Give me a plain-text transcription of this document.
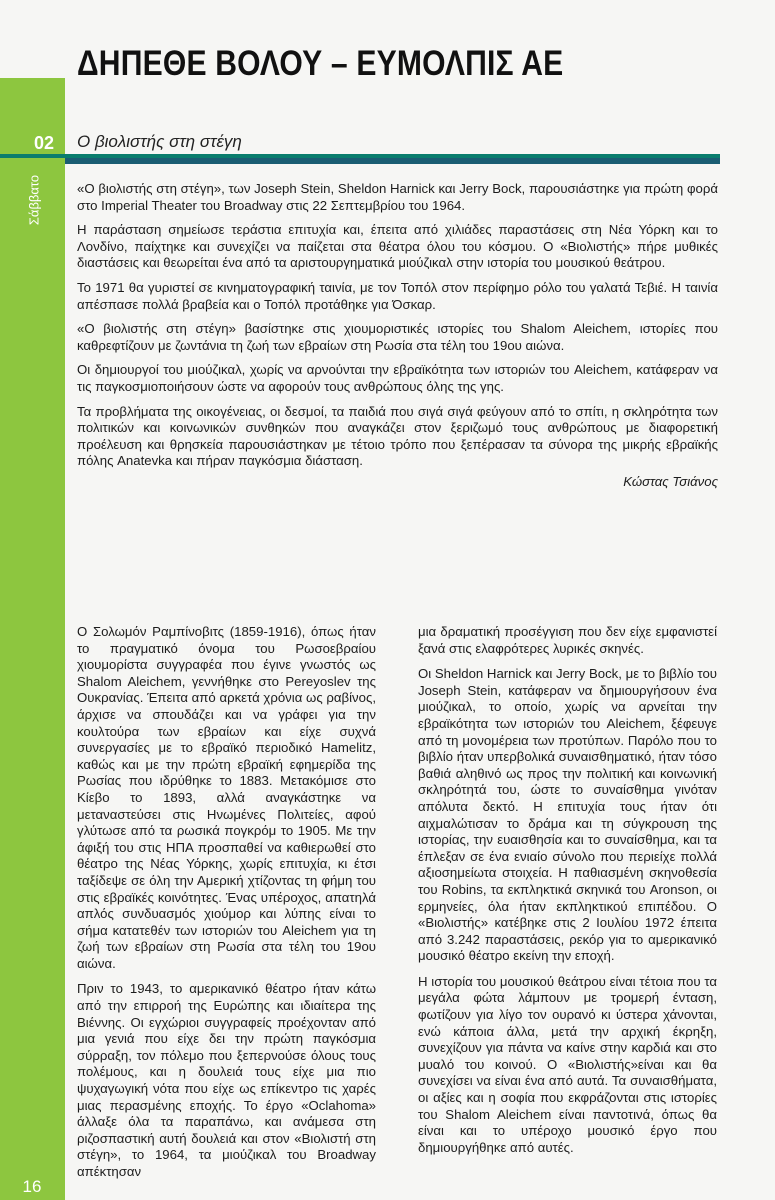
ΔΗΠΕΘΕ ΒΟΛΟΥ – ΕΥΜΟΛΠΙΣ ΑΕ
02 Ο βιολιστής στη στέγη
Σάββατο	«Ο βιολιστής στη στέγη», των Joseph Stein, Sheldon Harnick και Jerry Bock, παρουσιάστηκε για πρώτη φορά στο Imperial Theater του Broadway στις 22 Σεπτεμβρίου του 1964.

Η παράσταση σημείωσε τεράστια επιτυχία και, έπειτα από χιλιάδες παραστάσεις στη Νέα Υόρκη και το Λονδίνο, παίχτηκε και συνεχίζει να παίζεται στα θέατρα όλου του κόσμου. Ο «Βιολιστής» πήρε μυθικές διαστάσεις και θεωρείται ένα από τα αριστουργηματικά μιούζικαλ στην ιστορία του μουσικού θεάτρου.

Το 1971 θα γυριστεί σε κινηματογραφική ταινία, με τον Τοπόλ στον περίφημο ρόλο του γαλατά Τεβιέ. Η ταινία απέσπασε πολλά βραβεία και ο Τοπόλ προτάθηκε για Όσκαρ.

«Ο βιολιστής στη στέγη» βασίστηκε στις χιουμοριστικές ιστορίες του Shalom Aleichem, ιστορίες που καθρεφτίζουν με ζωντάνια τη ζωή των εβραίων στη Ρωσία στα τέλη του 19ου αιώνα.

Οι δημιουργοί του μιούζικαλ, χωρίς να αρνούνται την εβραϊκότητα των ιστοριών του Aleichem, κατάφεραν να τις παγκοσμιοποιήσουν ώστε να αφορούν τους ανθρώπους όλης της γης.

Τα προβλήματα της οικογένειας, οι δεσμοί, τα παιδιά που σιγά σιγά φεύγουν από το σπίτι, η σκληρότητα των πολιτικών και κοινωνικών συνθηκών που αναγκάζει στον ξεριζωμό τους ανθρώπους με διαφορετική προέλευση και θρησκεία παρουσιάστηκαν με τέτοιο τρόπο που ξεπέρασαν τα σύνορα της μικρής εβραϊκής πόλης Anatevka και πήραν παγκόσμια διάσταση.

Κώστας Τσιάνος

Ο Σολωμόν Ραμπίνοβιτς (1859-1916), όπως ήταν το πραγματικό όνομα του Ρωσοεβραίου χιουμορίστα συγγραφέα που έγινε γνωστός ως Shalom Aleichem, γεννήθηκε στο Pereyoslev της Ουκρανίας. Έπειτα από αρκετά χρόνια ως ραβίνος, άρχισε να σπουδάζει και να γράφει για την κουλτούρα των εβραίων και είχε συχνά συνεργασίες με το εβραϊκό περιοδικό Hamelitz, καθώς και με την πρώτη εβραϊκή εφημερίδα της Ρωσίας που ιδρύθηκε το 1883. Μετακόμισε στο Κίεβο το 1893, αλλά αναγκάστηκε να μεταναστεύσει στις Ηνωμένες Πολιτείες, αφού γλύτωσε από τα ρωσικά πογκρόμ το 1905. Με την άφιξή του στις ΗΠΑ προσπαθεί να καθιερωθεί στο θέατρο της Νέας Υόρκης, χωρίς επιτυχία, κι έτσι ταξίδεψε σε όλη την Αμερική χτίζοντας τη φήμη του στις εβραϊκές κοινότητες. Ένας υπέροχος, απατηλά απλός συνδυασμός χιούμορ και λύπης είναι το σήμα κατατεθέν των ιστοριών του Aleichem για τη ζωή των εβραίων στη Ρωσία στα τέλη του 19ου αιώνα.

Πριν το 1943, το αμερικανικό θέατρο ήταν κάτω από την επιρροή της Ευρώπης και ιδιαίτερα της Βιέννης. Οι εγχώριοι συγγραφείς προέχονταν από μια γενιά που είχε δει την πρώτη παγκόσμια σύρραξη, τον πόλεμο που ξεπερνούσε όλους τους πολέμους, και η δουλειά τους είχε μια πιο ψυχαγωγική νότα που είχε ως επίκεντρο τις χαρές μιας περασμένης εποχής. Το έργο «Oclahoma» άλλαξε όλα τα παραπάνω, και ανάμεσα στη ριζοσπαστική αυτή δουλειά και στον «Βιολιστή στη στέγη», το 1964, τα μιούζικαλ του Broadway απέκτησαν

μια δραματική προσέγγιση που δεν είχε εμφανιστεί ξανά στις ελαφρότερες λυρικές σκηνές.

Οι Sheldon Harnick και Jerry Bock, με το βιβλίο του Joseph Stein, κατάφεραν να δημιουργήσουν ένα μιούζικαλ, το οποίο, χωρίς να αρνείται την εβραϊκότητα των ιστοριών του Aleichem, ξέφευγε από τη μονομέρεια των προτύπων. Παρόλο που το βιβλίο ήταν υπερβολικά συναισθηματικό, ήταν τόσο βαθιά αληθινό ως προς την πολιτική και κοινωνική σκληρότητά του, ώστε το συναίσθημα γινόταν απόλυτα δεκτό. Η επιτυχία τους ήταν ότι αιχμαλώτισαν το δράμα και τη σύγκρουση της ιστορίας, την ευαισθησία και το συναίσθημα, και τα έπλεξαν σε ένα ενιαίο σύνολο που περιείχε πολλά αξιοσημείωτα στοιχεία. Η παθιασμένη σκηνοθεσία του Robins, τα εκπληκτικά σκηνικά του Aronson, οι ερμηνείες, όλα ήταν εκπληκτικού επιπέδου. Ο «Βιολιστής» κατέβηκε στις 2 Ιουλίου 1972 έπειτα από 3.242 παραστάσεις, ρεκόρ για το αμερικανικό μουσικό θέατρο εκείνη την εποχή.

Η ιστορία του μουσικού θεάτρου είναι τέτοια που τα μεγάλα φώτα λάμπουν με τρομερή ένταση, φωτίζουν για λίγο τον ουρανό κι ύστερα χάνονται, ενώ κάποια άλλα, μετά την αρχική έκρηξη, συνεχίζουν για πάντα να καίνε στην καρδιά και στο μυαλό του κοινού. Ο «Βιολιστής»είναι και θα συνεχίσει να είναι ένα από αυτά. Τα συναισθήματα, οι αξίες και η σοφία που εκφράζονται στις ιστορίες του Shalom Aleichem είναι παντοτινά, όπως θα είναι και το υπέροχο μουσικό έργο που δημιουργήθηκε από αυτές.

16
